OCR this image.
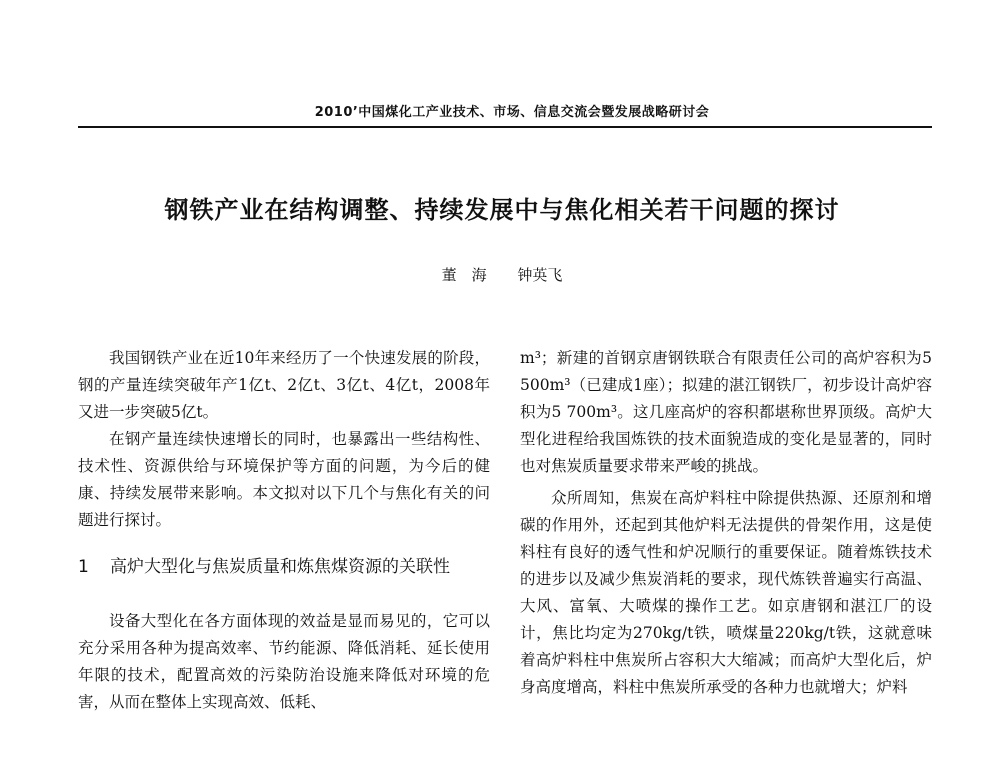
2010’中国煤化工产业技术、市场、信息交流会暨发展战略研讨会
钢铁产业在结构调整、持续发展中与焦化相关若干问题的探讨
董　海 钟英飞

我国钢铁产业在近10年来经历了一个快速发展的阶段，钢的产量连续突破年产1亿t、2亿t、3亿t、4亿t，2008年又进一步突破5亿t。

在钢产量连续快速增长的同时，也暴露出一些结构性、技术性、资源供给与环境保护等方面的问题，为今后的健康、持续发展带来影响。本文拟对以下几个与焦化有关的问题进行探讨。

1	高炉大型化与焦炭质量和炼焦煤资源的关联性

设备大型化在各方面体现的效益是显而易见的，它可以充分采用各种为提高效率、节约能源、降低消耗、延长使用年限的技术，配置高效的污染防治设施来降低对环境的危害，从而在整体上实现高效、低耗、

m³；新建的首钢京唐钢铁联合有限责任公司的高炉容积为5 500m³（已建成1座）；拟建的湛江钢铁厂，初步设计高炉容积为5 700m³。这几座高炉的容积都堪称世界顶级。高炉大型化进程给我国炼铁的技术面貌造成的变化是显著的，同时也对焦炭质量要求带来严峻的挑战。

众所周知，焦炭在高炉料柱中除提供热源、还原剂和增碳的作用外，还起到其他炉料无法提供的骨架作用，这是使料柱有良好的透气性和炉况顺行的重要保证。随着炼铁技术的进步以及减少焦炭消耗的要求，现代炼铁普遍实行高温、大风、富氧、大喷煤的操作工艺。如京唐钢和湛江厂的设计，焦比均定为270kg/t铁，喷煤量220kg/t铁，这就意味着高炉料柱中焦炭所占容积大大缩减；而高炉大型化后，炉身高度增高，料柱中焦炭所承受的各种力也就增大；炉料
